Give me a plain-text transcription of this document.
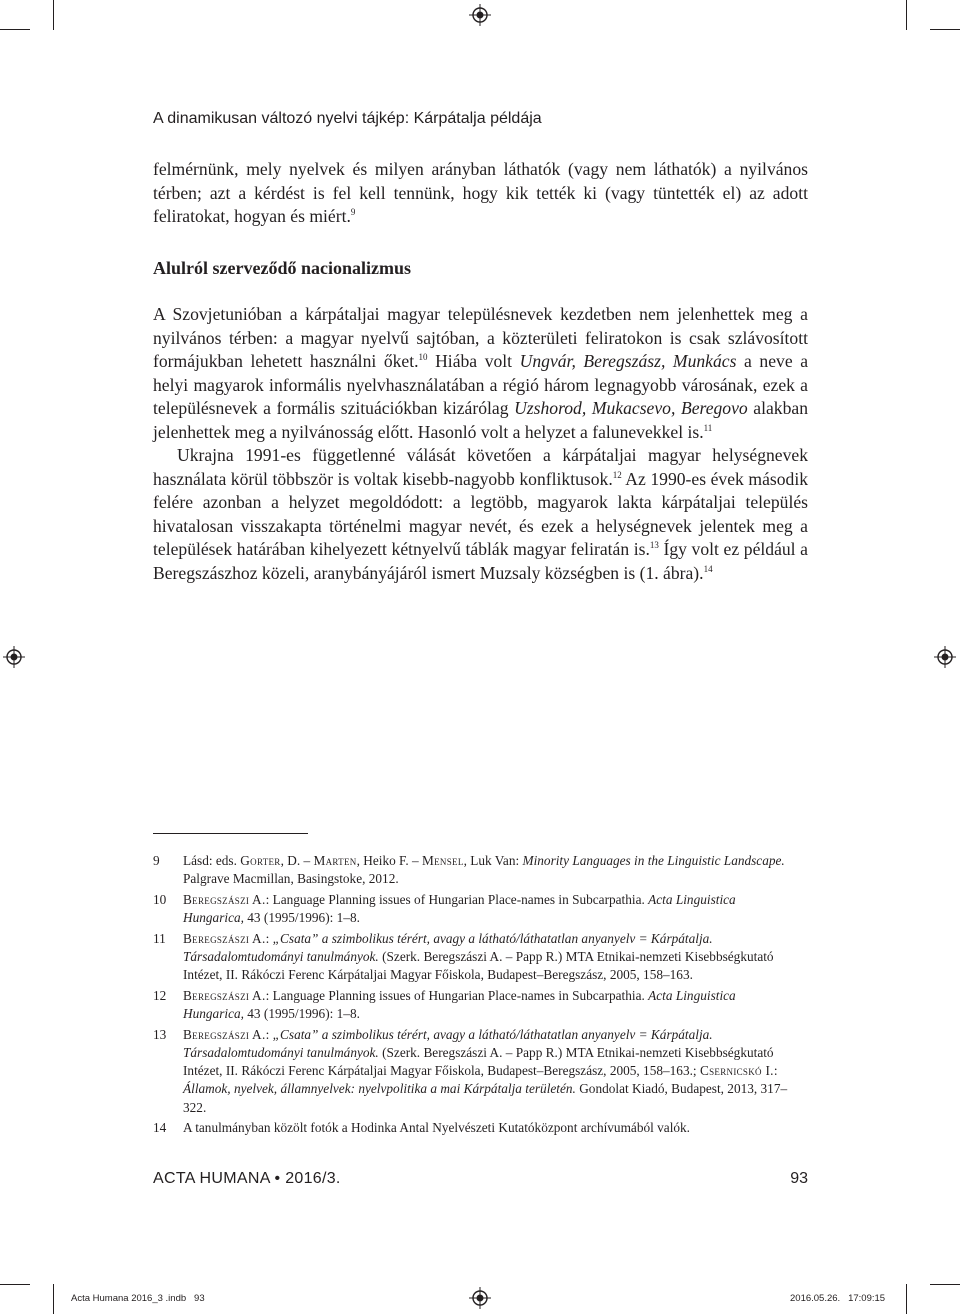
A dinamikusan változó nyelvi tájkép: Kárpátalja példája

felmérnünk, mely nyelvek és milyen arányban láthatók (vagy nem láthatók) a nyilvános térben; azt a kérdést is fel kell tennünk, hogy kik tették ki (vagy tüntették el) az adott feliratokat, hogyan és miért.$^9$

Alulról szerveződő nacionalizmus

A Szovjetunióban a kárpátaljai magyar településnevek kezdetben nem jelenhettek meg a nyilvános térben: a magyar nyelvű sajtóban, a közterületi feliratokon is csak szlávosított formájukban lehetett használni őket.$^{10}$ Hiába volt Ungvár, Beregszász, Munkács a neve a helyi magyarok informális nyelvhasználatában a régió három legnagyobb városának, ezek a településnevek a formális szituációkban kizárólag Uzshorod, Mukacsevo, Beregovo alakban jelenhettek meg a nyilvánosság előtt. Hasonló volt a helyzet a falunevekkel is.$^{11}$

Ukrajna 1991-es függetlenné válását követően a kárpátaljai magyar helységnevek használata körül többször is voltak kisebb-nagyobb konfliktusok.$^{12}$ Az 1990-es évek második felére azonban a helyzet megoldódott: a legtöbb, magyarok lakta kárpátaljai település hivatalosan visszakapta történelmi magyar nevét, és ezek a helységnevek jelentek meg a települések határában kihelyezett kétnyelvű táblák magyar feliratán is.$^{13}$ Így volt ez például a Beregszászhoz közeli, aranybányájáról ismert Muzsaly községben is (1. ábra).$^{14}$

9	Lásd: eds. Gorter, D. – Marten, Heiko F. – Mensel, Luk Van: Minority Languages in the Linguistic Landscape. Palgrave Macmillan, Basingstoke, 2012.
10	Beregszászi A.: Language Planning issues of Hungarian Place-names in Subcarpathia. Acta Linguistica Hungarica, 43 (1995/1996): 1–8.
11	Beregszászi A.: „Csata” a szimbolikus térért, avagy a látható/láthatatlan anyanyelv = Kárpátalja. Társadalomtudományi tanulmányok. (Szerk. Beregszászi A. – Papp R.) MTA Etnikai-nemzeti Kisebbségkutató Intézet, II. Rákóczi Ferenc Kárpátaljai Magyar Főiskola, Budapest–Beregszász, 2005, 158–163.
12	Beregszászi A.: Language Planning issues of Hungarian Place-names in Subcarpathia. Acta Linguistica Hungarica, 43 (1995/1996): 1–8.
13	Beregszászi A.: „Csata” a szimbolikus térért, avagy a látható/láthatatlan anyanyelv = Kárpátalja. Társadalomtudományi tanulmányok. (Szerk. Beregszászi A. – Papp R.) MTA Etnikai-nemzeti Kisebbségkutató Intézet, II. Rákóczi Ferenc Kárpátaljai Magyar Főiskola, Budapest–Beregszász, 2005, 158–163.; Csernicskó I.: Államok, nyelvek, államnyelvek: nyelvpolitika a mai Kárpátalja területén. Gondolat Kiadó, Budapest, 2013, 317–322.
14	A tanulmányban közölt fotók a Hodinka Antal Nyelvészeti Kutatóközpont archívumából valók.
ACTA HUMANA • 2016/3.	93
Acta Humana 2016_3 .indb   93	2016.05.26.   17:09:15
